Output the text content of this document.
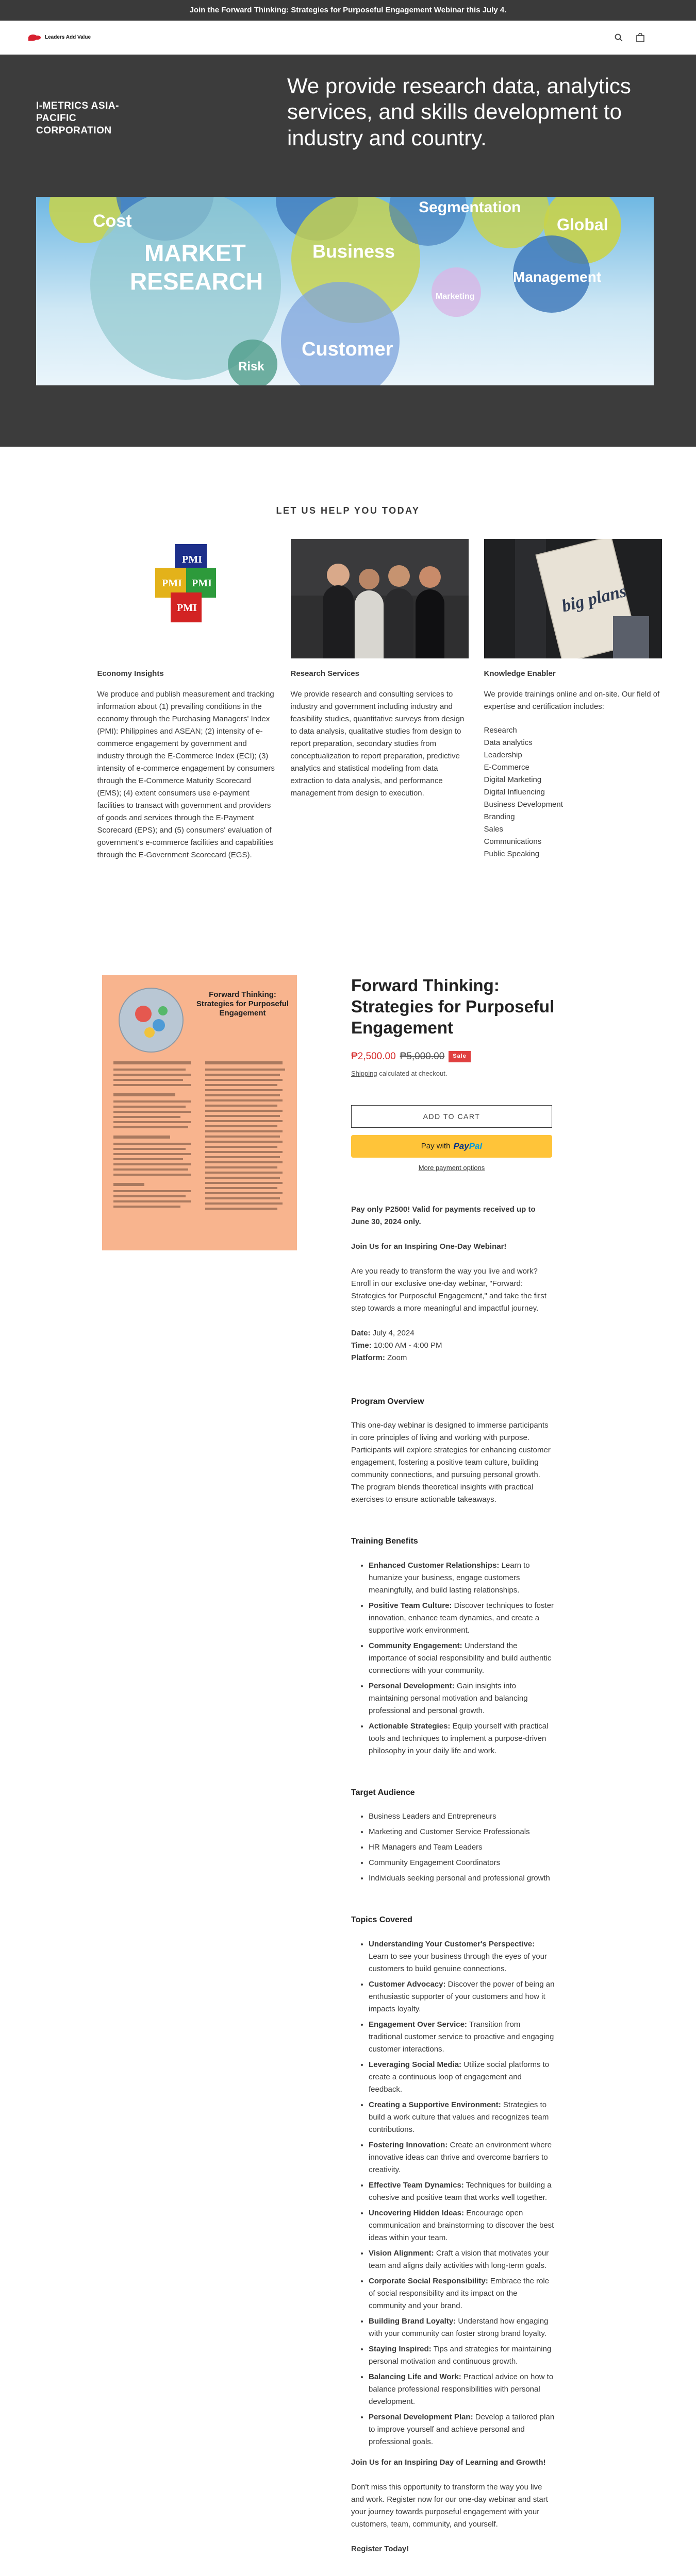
Join the Forward Thinking: Strategies for Purposeful Engagement Webinar this July 4.
Leaders Add Value
I-METRICS ASIA-PACIFIC CORPORATION
We provide research data, analytics services, and skills development to industry and country.
Cost
MARKET
RESEARCH
Business
Segmentation
Global
Marketing
Management
Customer
Risk
LET US HELP YOU TODAY
PMI
PMI PMI
PMI
Economy Insights

We produce and publish measurement and tracking information about (1) prevailing conditions in the economy through the Purchasing Managers' Index (PMI): Philippines and ASEAN; (2) intensity of e-commerce engagement by government and industry through the E-Commerce Index (ECI); (3) intensity of e-commerce engagement by consumers through the E-Commerce Maturity Scorecard (EMS); (4) extent consumers use e-payment facilities to transact with government and providers of goods and services through the E-Payment Scorecard (EPS); and (5) consumers' evaluation of government's e-commerce facilities and capabilities through the E-Government Scorecard (EGS).

Research Services

We provide research and consulting services to industry and government including industry and feasibility studies, quantitative surveys from design to data analysis, qualitative studies from design to report preparation, secondary studies from conceptualization to report preparation, predictive analytics and statistical modeling from data extraction to data analysis, and performance management from design to execution.

big plans
Knowledge Enabler

We provide trainings online and on-site. Our field of expertise and certification includes:

Research
Data analytics
Leadership
E-Commerce
Digital Marketing
Digital Influencing
Business Development
Branding
Sales
Communications
Public Speaking
Forward Thinking: Strategies for Purposeful Engagement
Forward Thinking: Strategies for Purposeful Engagement
₱2,500.00 ₱5,000.00	Sale
Shipping calculated at checkout.
ADD TO CART
Pay with PayPal
More payment options

Pay only P2500! Valid for payments received up to June 30, 2024 only.

Join Us for an Inspiring One-Day Webinar!

Are you ready to transform the way you live and work? Enroll in our exclusive one-day webinar, "Forward: Strategies for Purposeful Engagement," and take the first step towards a more meaningful and impactful journey.

Date: July 4, 2024
Time: 10:00 AM - 4:00 PM
Platform: Zoom

Program Overview

This one-day webinar is designed to immerse participants in core principles of living and working with purpose. Participants will explore strategies for enhancing customer engagement, fostering a positive team culture, building community connections, and pursuing personal growth. The program blends theoretical insights with practical exercises to ensure actionable takeaways.

Training Benefits
• Enhanced Customer Relationships: Learn to humanize your business, engage customers meaningfully, and build lasting relationships.
• Positive Team Culture: Discover techniques to foster innovation, enhance team dynamics, and create a supportive work environment.
• Community Engagement: Understand the importance of social responsibility and build authentic connections with your community.
• Personal Development: Gain insights into maintaining personal motivation and balancing professional and personal growth.
• Actionable Strategies: Equip yourself with practical tools and techniques to implement a purpose-driven philosophy in your daily life and work.
Target Audience
• Business Leaders and Entrepreneurs
• Marketing and Customer Service Professionals
• HR Managers and Team Leaders
• Community Engagement Coordinators
• Individuals seeking personal and professional growth
Topics Covered
• Understanding Your Customer's Perspective: Learn to see your business through the eyes of your customers to build genuine connections.
• Customer Advocacy: Discover the power of being an enthusiastic supporter of your customers and how it impacts loyalty.
• Engagement Over Service: Transition from traditional customer service to proactive and engaging customer interactions.
• Leveraging Social Media: Utilize social platforms to create a continuous loop of engagement and feedback.
• Creating a Supportive Environment: Strategies to build a work culture that values and recognizes team contributions.
• Fostering Innovation: Create an environment where innovative ideas can thrive and overcome barriers to creativity.
• Effective Team Dynamics: Techniques for building a cohesive and positive team that works well together.
• Uncovering Hidden Ideas: Encourage open communication and brainstorming to discover the best ideas within your team.
• Vision Alignment: Craft a vision that motivates your team and aligns daily activities with long-term goals.
• Corporate Social Responsibility: Embrace the role of social responsibility and its impact on the community and your brand.
• Building Brand Loyalty: Understand how engaging with your community can foster strong brand loyalty.
• Staying Inspired: Tips and strategies for maintaining personal motivation and continuous growth.
• Balancing Life and Work: Practical advice on how to balance professional responsibilities with personal development.
• Personal Development Plan: Develop a tailored plan to improve yourself and achieve personal and professional goals.

Join Us for an Inspiring Day of Learning and Growth!

Don't miss this opportunity to transform the way you live and work. Register now for our one-day webinar and start your journey towards purposeful engagement with your customers, team, community, and yourself.

Register Today!
